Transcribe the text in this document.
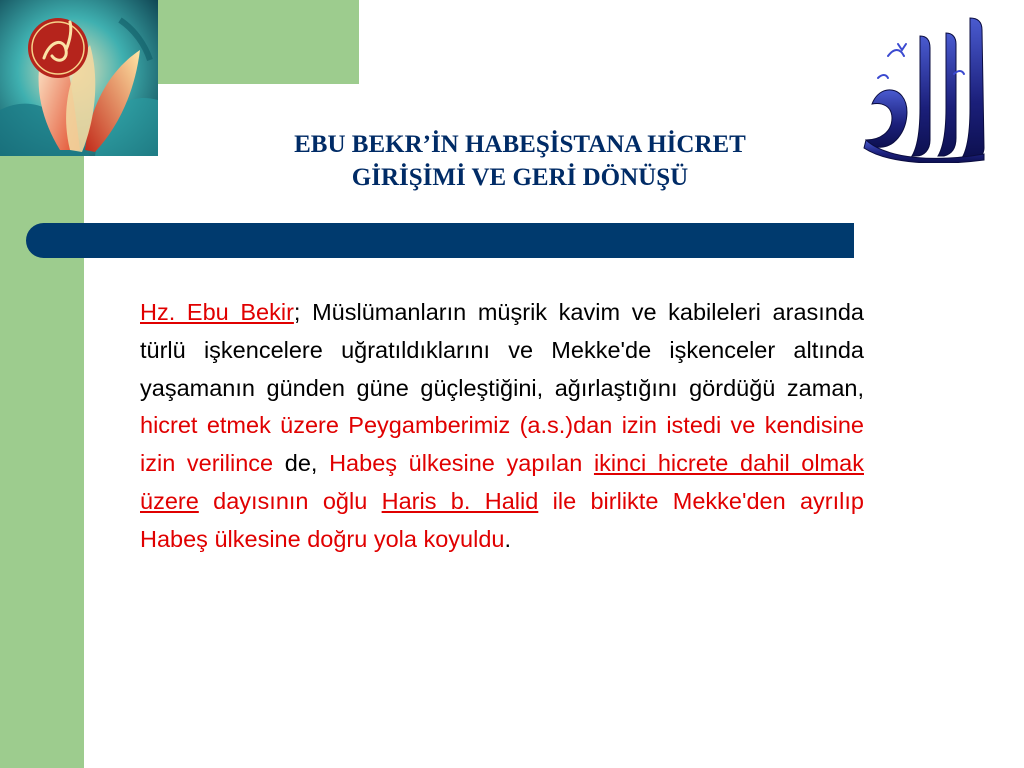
EBU BEKR’İN HABEŞİSTANA HİCRET
GİRİŞİMİ VE GERİ DÖNÜŞÜ
Hz. Ebu Bekir; Müslümanların müşrik kavim ve kabileleri arasında türlü işkencelere uğratıldıklarını ve Mekke'de işkenceler altında yaşamanın günden güne güçleştiğini, ağırlaştığını gördüğü zaman, hicret etmek üzere Peygamberimiz (a.s.)dan izin istedi ve kendisine izin verilince de, Habeş ülkesine yapılan ikinci hicrete dahil olmak üzere dayısının oğlu Haris b. Halid ile birlikte Mekke'den ayrılıp Habeş ülkesine doğru yola koyuldu.
